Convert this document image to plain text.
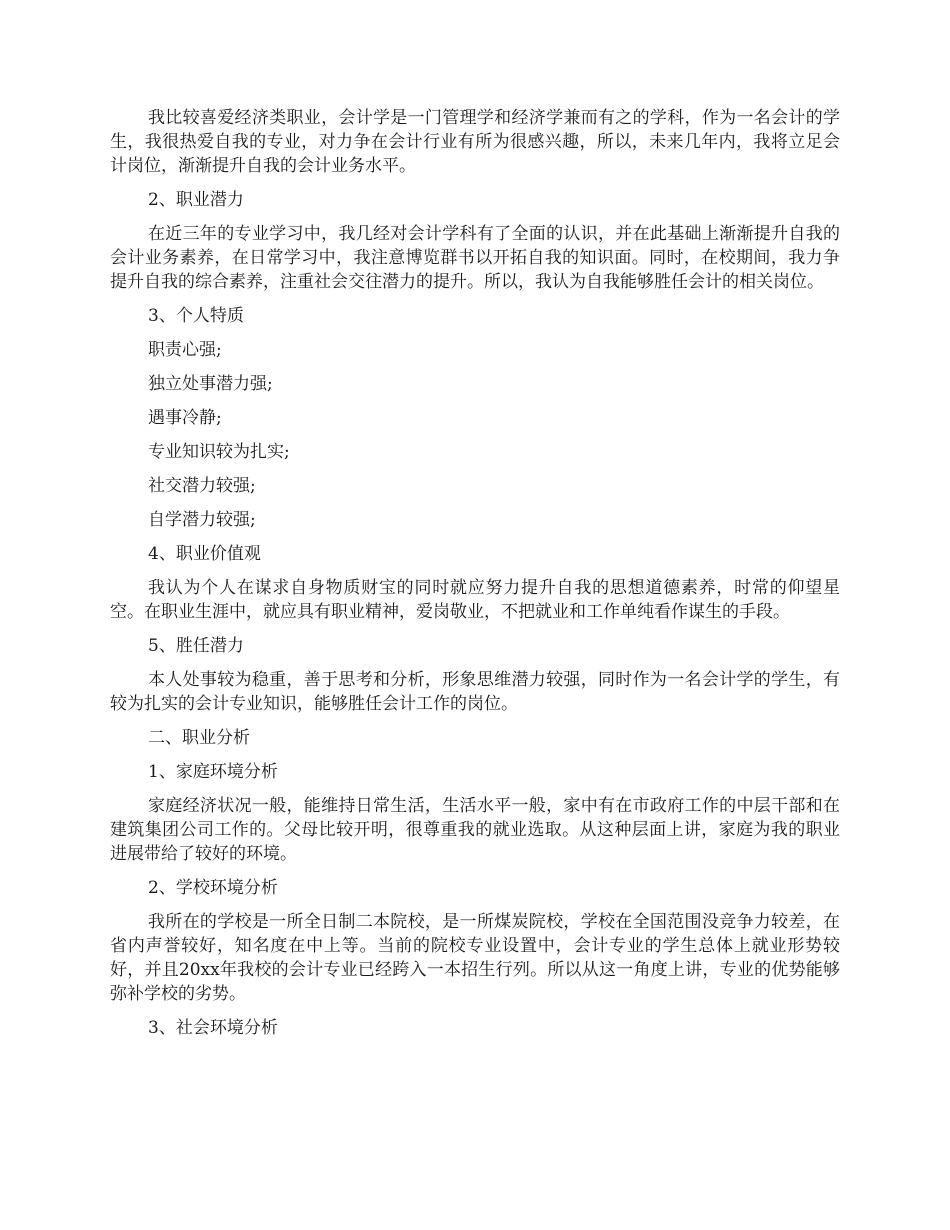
我比较喜爱经济类职业，会计学是一门管理学和经济学兼而有之的学科，作为一名会计的学生，我很热爱自我的专业，对力争在会计行业有所为很感兴趣，所以，未来几年内，我将立足会计岗位，渐渐提升自我的会计业务水平。

2、职业潜力

在近三年的专业学习中，我几经对会计学科有了全面的认识，并在此基础上渐渐提升自我的会计业务素养，在日常学习中，我注意博览群书以开拓自我的知识面。同时，在校期间，我力争提升自我的综合素养，注重社会交往潜力的提升。所以，我认为自我能够胜任会计的相关岗位。

3、个人特质

职责心强;

独立处事潜力强;

遇事冷静;

专业知识较为扎实;

社交潜力较强;

自学潜力较强;

4、职业价值观

我认为个人在谋求自身物质财宝的同时就应努力提升自我的思想道德素养，时常的仰望星空。在职业生涯中，就应具有职业精神，爱岗敬业，不把就业和工作单纯看作谋生的手段。

5、胜任潜力

本人处事较为稳重，善于思考和分析，形象思维潜力较强，同时作为一名会计学的学生，有较为扎实的会计专业知识，能够胜任会计工作的岗位。

二、职业分析

1、家庭环境分析

家庭经济状况一般，能维持日常生活，生活水平一般，家中有在市政府工作的中层干部和在建筑集团公司工作的。父母比较开明，很尊重我的就业选取。从这种层面上讲，家庭为我的职业进展带给了较好的环境。

2、学校环境分析

我所在的学校是一所全日制二本院校，是一所煤炭院校，学校在全国范围没竞争力较差，在省内声誉较好，知名度在中上等。当前的院校专业设置中，会计专业的学生总体上就业形势较好，并且20xx年我校的会计专业已经跨入一本招生行列。所以从这一角度上讲，专业的优势能够弥补学校的劣势。

3、社会环境分析
